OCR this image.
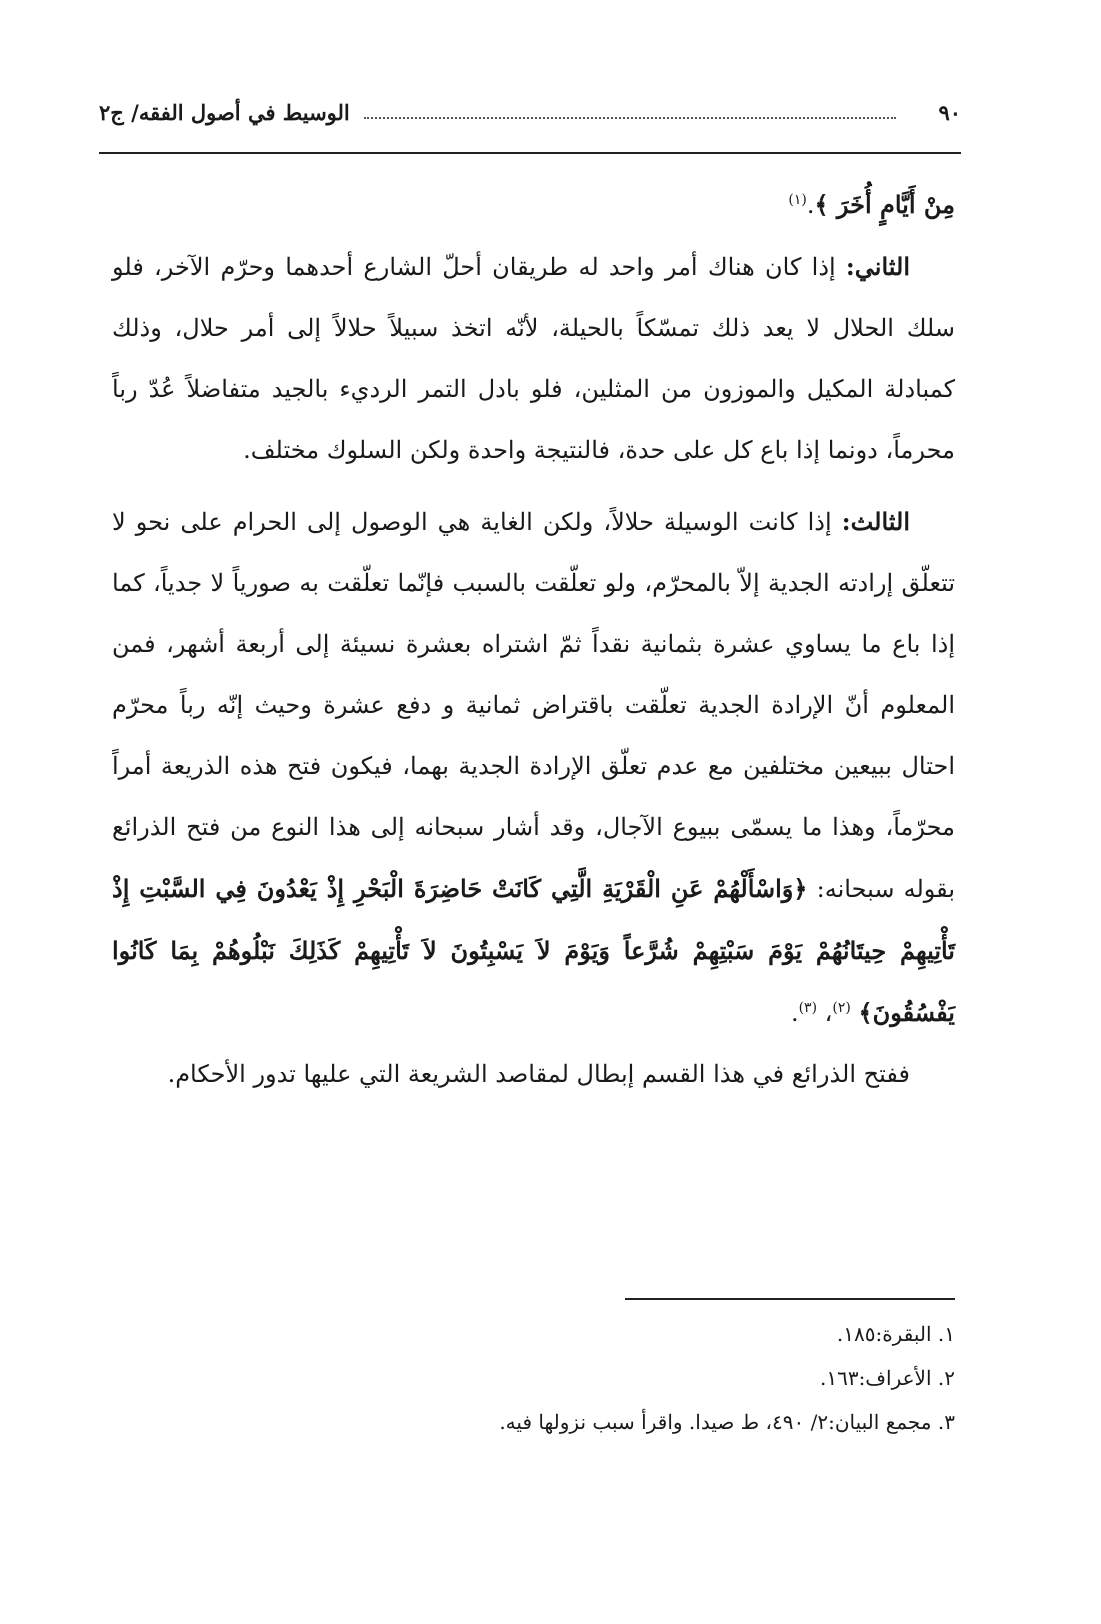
٩٠
الوسيط في أصول الفقه/ ج٢

مِنْ أَيَّامٍ أُخَرَ ﴾.$^{(١)}$

الثاني: إذا كان هناك أمر واحد له طريقان أحلّ الشارع أحدهما وحرّم الآخر، فلو سلك الحلال لا يعد ذلك تمسّكاً بالحيلة، لأنّه اتخذ سبيلاً حلالاً إلى أمر حلال، وذلك كمبادلة المكيل والموزون من المثلين، فلو بادل التمر الرديء بالجيد متفاضلاً عُدّ رباً محرماً، دونما إذا باع كل على حدة، فالنتيجة واحدة ولكن السلوك مختلف.

الثالث: إذا كانت الوسيلة حلالاً، ولكن الغاية هي الوصول إلى الحرام على نحو لا تتعلّق إرادته الجدية إلاّ بالمحرّم، ولو تعلّقت بالسبب فإنّما تعلّقت به صورياً لا جدياً، كما إذا باع ما يساوي عشرة بثمانية نقداً ثمّ اشتراه بعشرة نسيئة إلى أربعة أشهر، فمن المعلوم أنّ الإرادة الجدية تعلّقت باقتراض ثمانية و دفع عشرة وحيث إنّه رباً محرّم احتال ببيعين مختلفين مع عدم تعلّق الإرادة الجدية بهما، فيكون فتح هذه الذريعة أمراً محرّماً، وهذا ما يسمّى ببيوع الآجال، وقد أشار سبحانه إلى هذا النوع من فتح الذرائع بقوله سبحانه: ﴿وَاسْأَلْهُمْ عَنِ الْقَرْيَةِ الَّتِي كَانَتْ حَاضِرَةَ الْبَحْرِ إِذْ يَعْدُونَ فِي السَّبْتِ إِذْ تَأْتِيهِمْ حِيتَانُهُمْ يَوْمَ سَبْتِهِمْ شُرَّعاً وَيَوْمَ لاَ يَسْبِتُونَ لاَ تَأْتِيهِمْ كَذَلِكَ نَبْلُوهُمْ بِمَا كَانُوا يَفْسُقُونَ﴾ $^{(٢)}$، $^{(٣)}$.

ففتح الذرائع في هذا القسم إبطال لمقاصد الشريعة التي عليها تدور الأحكام.

١. البقرة:١٨٥.

٢. الأعراف:١٦٣.

٣. مجمع البيان:٢/ ٤٩٠، ط صيدا. واقرأ سبب نزولها فيه.
